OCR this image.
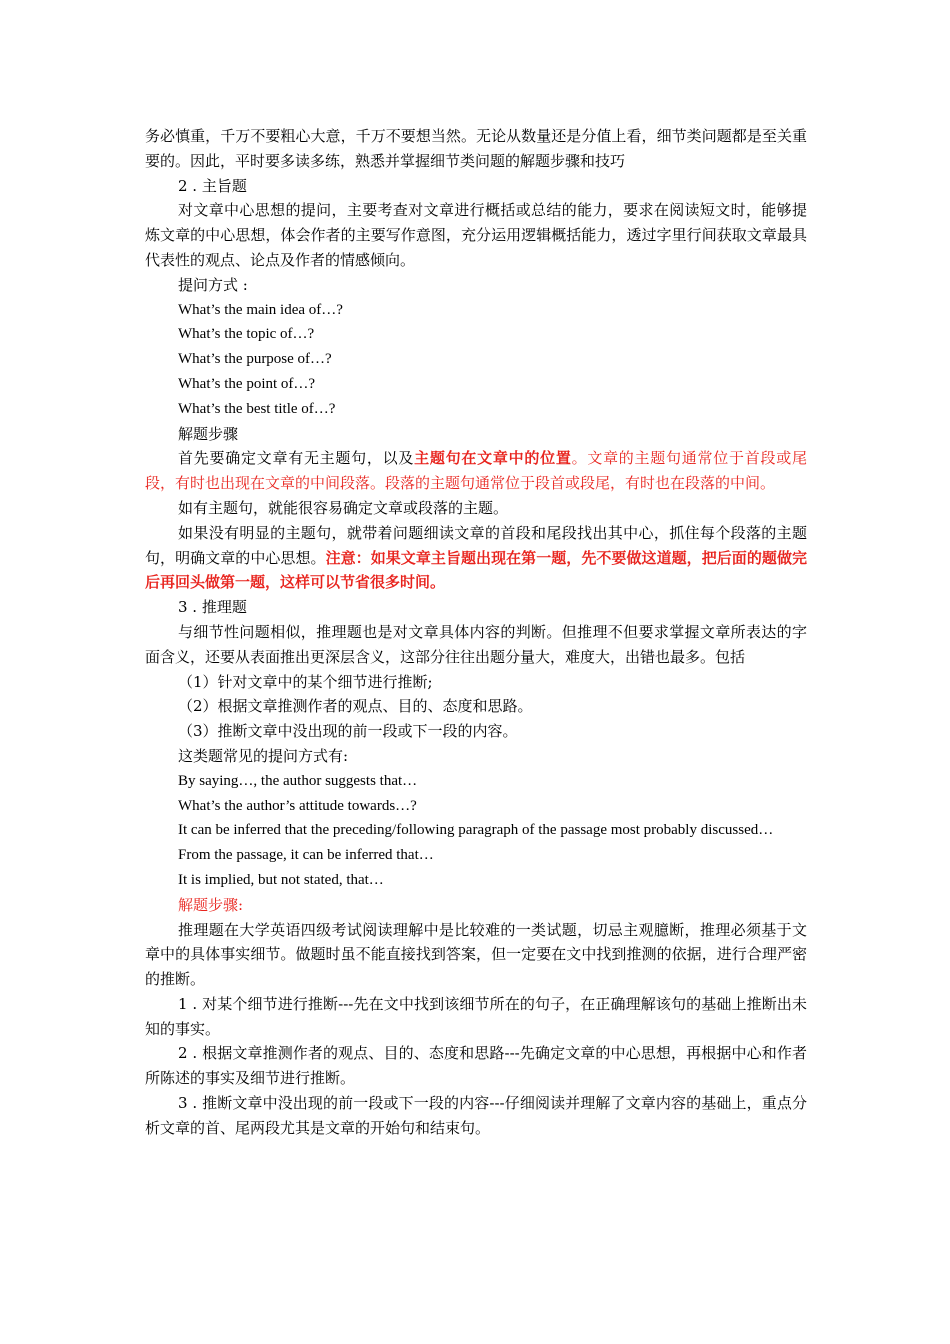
务必慎重，千万不要粗心大意，千万不要想当然。无论从数量还是分值上看，细节类问题都是至关重要的。因此，平时要多读多练，熟悉并掌握细节类问题的解题步骤和技巧

2 . 主旨题

对文章中心思想的提问，主要考查对文章进行概括或总结的能力，要求在阅读短文时，能够提炼文章的中心思想，体会作者的主要写作意图，充分运用逻辑概括能力，透过字里行间获取文章最具代表性的观点、论点及作者的情感倾向。

提问方式 :

What’s the main idea of…?

What’s the topic of…?

What’s the purpose of…?

What’s the point of…?

What’s the best title of…?

解题步骤

首先要确定文章有无主题句，以及主题句在文章中的位置。文章的主题句通常位于首段或尾段，有时也出现在文章的中间段落。段落的主题句通常位于段首或段尾，有时也在段落的中间。

如有主题句，就能很容易确定文章或段落的主题。

如果没有明显的主题句，就带着问题细读文章的首段和尾段找出其中心，抓住每个段落的主题句，明确文章的中心思想。注意：如果文章主旨题出现在第一题，先不要做这道题，把后面的题做完后再回头做第一题，这样可以节省很多时间。

3 . 推理题

与细节性问题相似，推理题也是对文章具体内容的判断。但推理不但要求掌握文章所表达的字面含义，还要从表面推出更深层含义，这部分往往出题分量大，难度大，出错也最多。包括

（1）针对文章中的某个细节进行推断;

（2）根据文章推测作者的观点、目的、态度和思路。

（3）推断文章中没出现的前一段或下一段的内容。

这类题常见的提问方式有:

By saying…, the author suggests that…

What’s the author’s attitude towards…?

It can be inferred that the preceding/following paragraph of the passage most probably discussed…

From the passage, it can be inferred that…

It is implied, but not stated, that…

解题步骤:

推理题在大学英语四级考试阅读理解中是比较难的一类试题，切忌主观臆断，推理必须基于文章中的具体事实细节。做题时虽不能直接找到答案，但一定要在文中找到推测的依据，进行合理严密的推断。

1 . 对某个细节进行推断---先在文中找到该细节所在的句子，在正确理解该句的基础上推断出未知的事实。

2 . 根据文章推测作者的观点、目的、态度和思路---先确定文章的中心思想，再根据中心和作者所陈述的事实及细节进行推断。

3 . 推断文章中没出现的前一段或下一段的内容---仔细阅读并理解了文章内容的基础上，重点分析文章的首、尾两段尤其是文章的开始句和结束句。
